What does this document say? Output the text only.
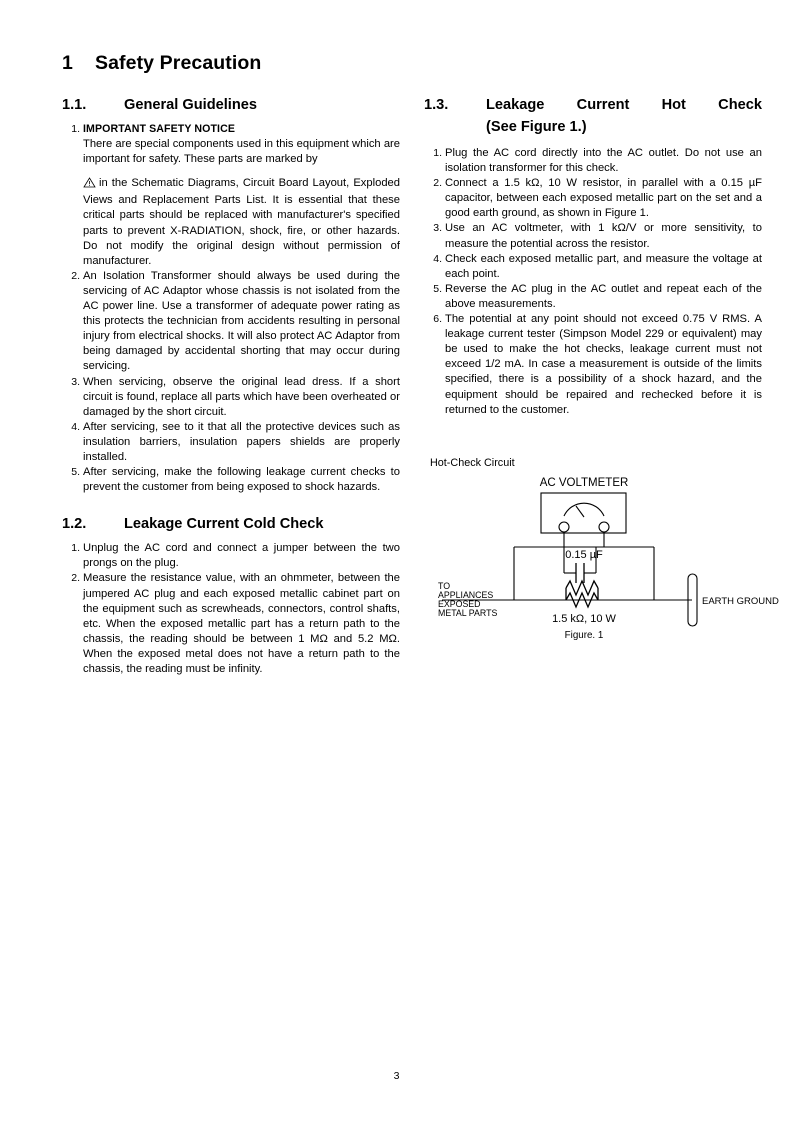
1 Safety Precaution
1.1.	General Guidelines
IMPORTANT SAFETY NOTICE
There are special components used in this equipment which are important for safety. These parts are marked by
in the Schematic Diagrams, Circuit Board Layout, Exploded Views and Replacement Parts List. It is essential that these critical parts should be replaced with manufacturer's specified parts to prevent X-RADIATION, shock, fire, or other hazards. Do not modify the original design without permission of manufacturer.
An Isolation Transformer should always be used during the servicing of AC Adaptor whose chassis is not isolated from the AC power line. Use a transformer of adequate power rating as this protects the technician from accidents resulting in personal injury from electrical shocks. It will also protect AC Adaptor from being damaged by accidental shorting that may occur during servicing.
When servicing, observe the original lead dress. If a short circuit is found, replace all parts which have been overheated or damaged by the short circuit.
After servicing, see to it that all the protective devices such as insulation barriers, insulation papers shields are properly installed.
After servicing, make the following leakage current checks to prevent the customer from being exposed to shock hazards.
1.2.	Leakage Current Cold Check
Unplug the AC cord and connect a jumper between the two prongs on the plug.
Measure the resistance value, with an ohmmeter, between the jumpered AC plug and each exposed metallic cabinet part on the equipment such as screwheads, connectors, control shafts, etc. When the exposed metallic part has a return path to the chassis, the reading should be between 1 MΩ and 5.2 MΩ. When the exposed metal does not have a return path to the chassis, the reading must be infinity.
1.3.	Leakage Current Hot Check
(See Figure 1.)
Plug the AC cord directly into the AC outlet. Do not use an isolation transformer for this check.
Connect a 1.5 kΩ, 10 W resistor, in parallel with a 0.15 µF capacitor, between each exposed metallic part on the set and a good earth ground, as shown in Figure 1.
Use an AC voltmeter, with 1 kΩ/V or more sensitivity, to measure the potential across the resistor.
Check each exposed metallic part, and measure the voltage at each point.
Reverse the AC plug in the AC outlet and repeat each of the above measurements.
The potential at any point should not exceed 0.75 V RMS. A leakage current tester (Simpson Model 229 or equivalent) may be used to make the hot checks, leakage current must not exceed 1/2 mA. In case a measurement is outside of the limits specified, there is a possibility of a shock hazard, and the equipment should be repaired and rechecked before it is returned to the customer.
Hot-Check Circuit
0.15 µF
AC VOLTMETER
1.5 kΩ, 10 W
EARTH GROUND
TO
APPLIANCES
EXPOSED
METAL PARTS
Figure. 1
3
